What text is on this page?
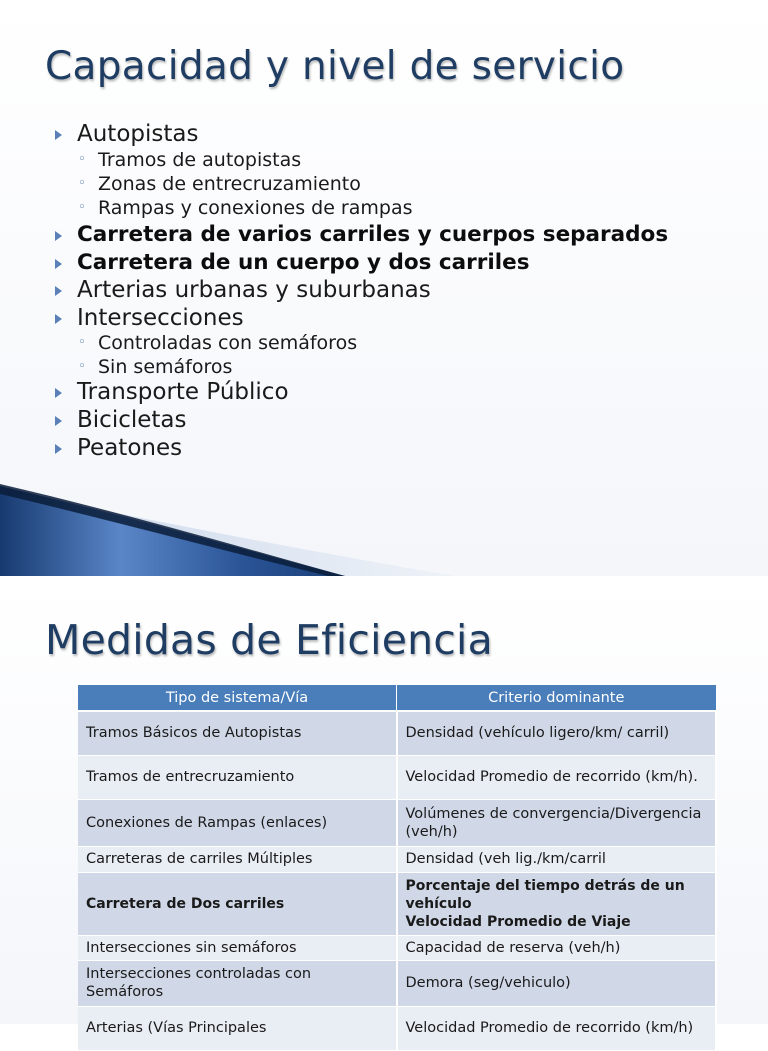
Capacidad y nivel de servicio
Autopistas
◦ Tramos de autopistas
◦ Zonas de entrecruzamiento
◦ Rampas y conexiones de rampas
Carretera de varios carriles y cuerpos separados
Carretera de un cuerpo y dos carriles
Arterias urbanas y suburbanas
Intersecciones
◦ Controladas con semáforos
◦ Sin semáforos
Transporte Público
Bicicletas
Peatones
Medidas de Eficiencia
Tipo de sistema/Vía	Criterio dominante
Tramos Básicos de Autopistas	Densidad (vehículo ligero/km/ carril)

Tramos de entrecruzamiento	Velocidad Promedio de recorrido (km/h).

Conexiones de Rampas (enlaces)	Volúmenes de convergencia/Divergencia (veh/h)

Carreteras de carriles Múltiples	Densidad (veh lig./km/carril

Carretera de Dos carriles	Porcentaje del tiempo detrás de un vehículo
Velocidad Promedio de Viaje

Intersecciones sin semáforos	Capacidad de reserva (veh/h)

Intersecciones controladas con Semáforos	Demora (seg/vehiculo)

Arterias (Vías Principales	Velocidad Promedio de recorrido (km/h)
